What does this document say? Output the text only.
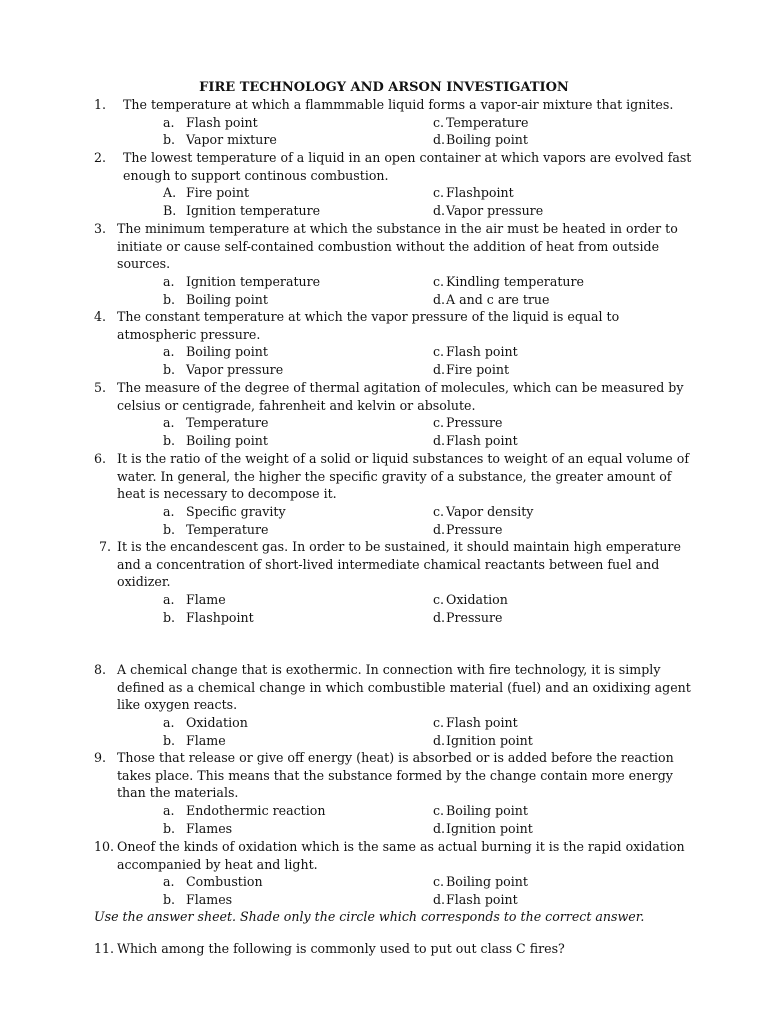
FIRE TECHNOLOGY AND ARSON INVESTIGATION
1. The temperature at which a flammmable liquid forms a vapor-air mixture that ignites.
a. Flash point
b. Vapor mixture
c. Temperature
d. Boiling point
2. The lowest temperature of a liquid in an open container at which vapors are evolved fast enough to support continous combustion.
A. Fire point
B. Ignition temperature
c. Flashpoint
d. Vapor pressure
3. The minimum temperature at which the substance in the air must be heated in order to initiate or cause self-contained combustion without the addition of heat from outside sources.
a. Ignition temperature
b. Boiling point
c. Kindling temperature
d. A and c are true
4. The constant temperature at which the vapor pressure of the liquid is equal to atmospheric pressure.
a. Boiling point
b. Vapor pressure
c. Flash point
d. Fire point
5. The measure of the degree of thermal agitation of molecules, which can be measured by celsius or centigrade, fahrenheit and kelvin or absolute.
a. Temperature
b. Boiling point
c. Pressure
d. Flash point
6. It is the ratio of the weight of a solid or liquid substances to weight of an equal volume of water. In general, the higher the specific gravity of a substance, the greater amount of heat is necessary to decompose it.
a. Specific gravity
b. Temperature
c. Vapor density
d. Pressure
7. It is the encandescent gas. In order to be sustained, it should maintain high emperature and a concentration of short-lived intermediate chamical reactants between fuel and oxidizer.
a. Flame
b. Flashpoint
c. Oxidation
d. Pressure
8. A chemical change that is exothermic. In connection with fire technology, it is simply defined as a chemical change in which combustible material (fuel) and an oxidixing agent like oxygen reacts.
a. Oxidation
b. Flame
c. Flash point
d. Ignition point
9. Those that release or give off energy (heat) is absorbed or is added before the reaction takes place. This means that the substance formed by the change contain more energy than the materials.
a. Endothermic reaction
b. Flames
c. Boiling point
d. Ignition point
10. Oneof the kinds of oxidation which is the same as actual burning it is the rapid oxidation accompanied by heat and light.
a. Combustion
b. Flames
c. Boiling point
d. Flash point
Use the answer sheet. Shade only the circle which corresponds to the correct answer.
11. Which among the following is commonly used to put out class C fires?
